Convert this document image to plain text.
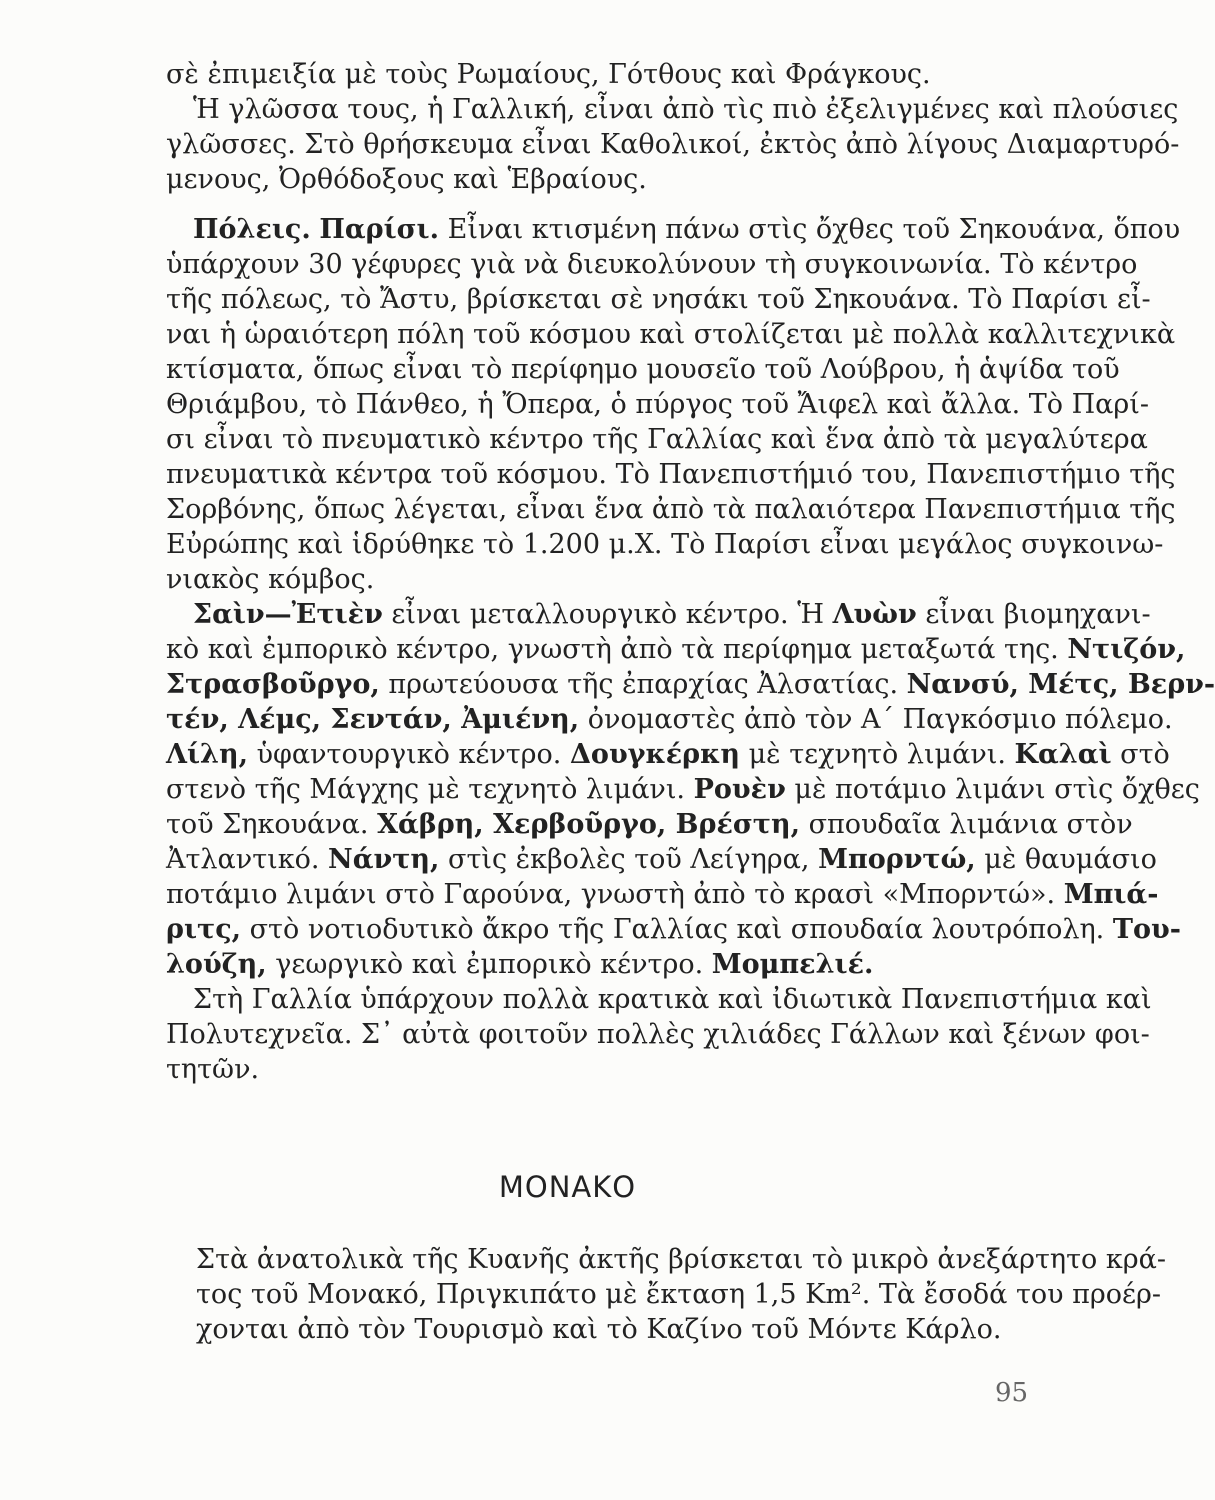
σὲ ἐπιμειξία μὲ τοὺς Ρωμαίους, Γότθους καὶ Φράγκους.
Ἡ γλῶσσα τους, ἡ Γαλλική, εἶναι ἀπὸ τὶς πιὸ ἐξελιγμένες καὶ πλούσιες
γλῶσσες. Στὸ θρήσκευμα εἶναι Καθολικοί, ἐκτὸς ἀπὸ λίγους Διαμαρτυρό-
μενους, Ὀρθόδοξους καὶ Ἑβραίους.
Πόλεις. Παρίσι. Εἶναι κτισμένη πάνω στὶς ὄχθες τοῦ Σηκουάνα, ὅπου
ὑπάρχουν 30 γέφυρες γιὰ νὰ διευκολύνουν τὴ συγκοινωνία. Τὸ κέντρο
τῆς πόλεως, τὸ Ἄστυ, βρίσκεται σὲ νησάκι τοῦ Σηκουάνα. Τὸ Παρίσι εἶ-
ναι ἡ ὡραιότερη πόλη τοῦ κόσμου καὶ στολίζεται μὲ πολλὰ καλλιτεχνικὰ
κτίσματα, ὅπως εἶναι τὸ περίφημο μουσεῖο τοῦ Λούβρου, ἡ ἁψίδα τοῦ
Θριάμβου, τὸ Πάνθεο, ἡ Ὄπερα, ὁ πύργος τοῦ Ἄιφελ καὶ ἄλλα. Τὸ Παρί-
σι εἶναι τὸ πνευματικὸ κέντρο τῆς Γαλλίας καὶ ἕνα ἀπὸ τὰ μεγαλύτερα
πνευματικὰ κέντρα τοῦ κόσμου. Τὸ Πανεπιστήμιό του, Πανεπιστήμιο τῆς
Σορβόνης, ὅπως λέγεται, εἶναι ἕνα ἀπὸ τὰ παλαιότερα Πανεπιστήμια τῆς
Εὐρώπης καὶ ἱδρύθηκε τὸ 1.200 μ.Χ. Τὸ Παρίσι εἶναι μεγάλος συγκοινω-
νιακὸς κόμβος.
Σαὶν—Ἐτιὲν εἶναι μεταλλουργικὸ κέντρο. Ἡ Λυὼν εἶναι βιομηχανι-
κὸ καὶ ἐμπορικὸ κέντρο, γνωστὴ ἀπὸ τὰ περίφημα μεταξωτά της. Ντιζόν,
Στρασβοῦργο, πρωτεύουσα τῆς ἐπαρχίας Ἀλσατίας. Νανσύ, Μέτς, Βερν-
τέν, Λέμς, Σεντάν, Ἀμιένη, ὀνομαστὲς ἀπὸ τὸν Α΄ Παγκόσμιο πόλεμο.
Λίλη, ὑφαντουργικὸ κέντρο. Δουγκέρκη μὲ τεχνητὸ λιμάνι. Καλαὶ στὸ
στενὸ τῆς Μάγχης μὲ τεχνητὸ λιμάνι. Ρουὲν μὲ ποτάμιο λιμάνι στὶς ὄχθες
τοῦ Σηκουάνα. Χάβρη, Χερβοῦργο, Βρέστη, σπουδαῖα λιμάνια στὸν
Ἀτλαντικό. Νάντη, στὶς ἐκβολὲς τοῦ Λείγηρα, Μπορντώ, μὲ θαυμάσιο
ποτάμιο λιμάνι στὸ Γαρούνα, γνωστὴ ἀπὸ τὸ κρασὶ «Μπορντώ». Μπιά-
ριτς, στὸ νοτιοδυτικὸ ἄκρο τῆς Γαλλίας καὶ σπουδαία λουτρόπολη. Του-
λούζη, γεωργικὸ καὶ ἐμπορικὸ κέντρο. Μομπελιέ.
Στὴ Γαλλία ὑπάρχουν πολλὰ κρατικὰ καὶ ἰδιωτικὰ Πανεπιστήμια καὶ
Πολυτεχνεῖα. Σ᾽ αὐτὰ φοιτοῦν πολλὲς χιλιάδες Γάλλων καὶ ξένων φοι-
τητῶν.
ΜΟΝΑΚΟ
Στὰ ἀνατολικὰ τῆς Κυανῆς ἀκτῆς βρίσκεται τὸ μικρὸ ἀνεξάρτητο κρά-
τος τοῦ Μονακό, Πριγκιπάτο μὲ ἔκταση 1,5 Km². Τὰ ἔσοδά του προέρ-
χονται ἀπὸ τὸν Τουρισμὸ καὶ τὸ Καζίνο τοῦ Μόντε Κάρλο.
95
